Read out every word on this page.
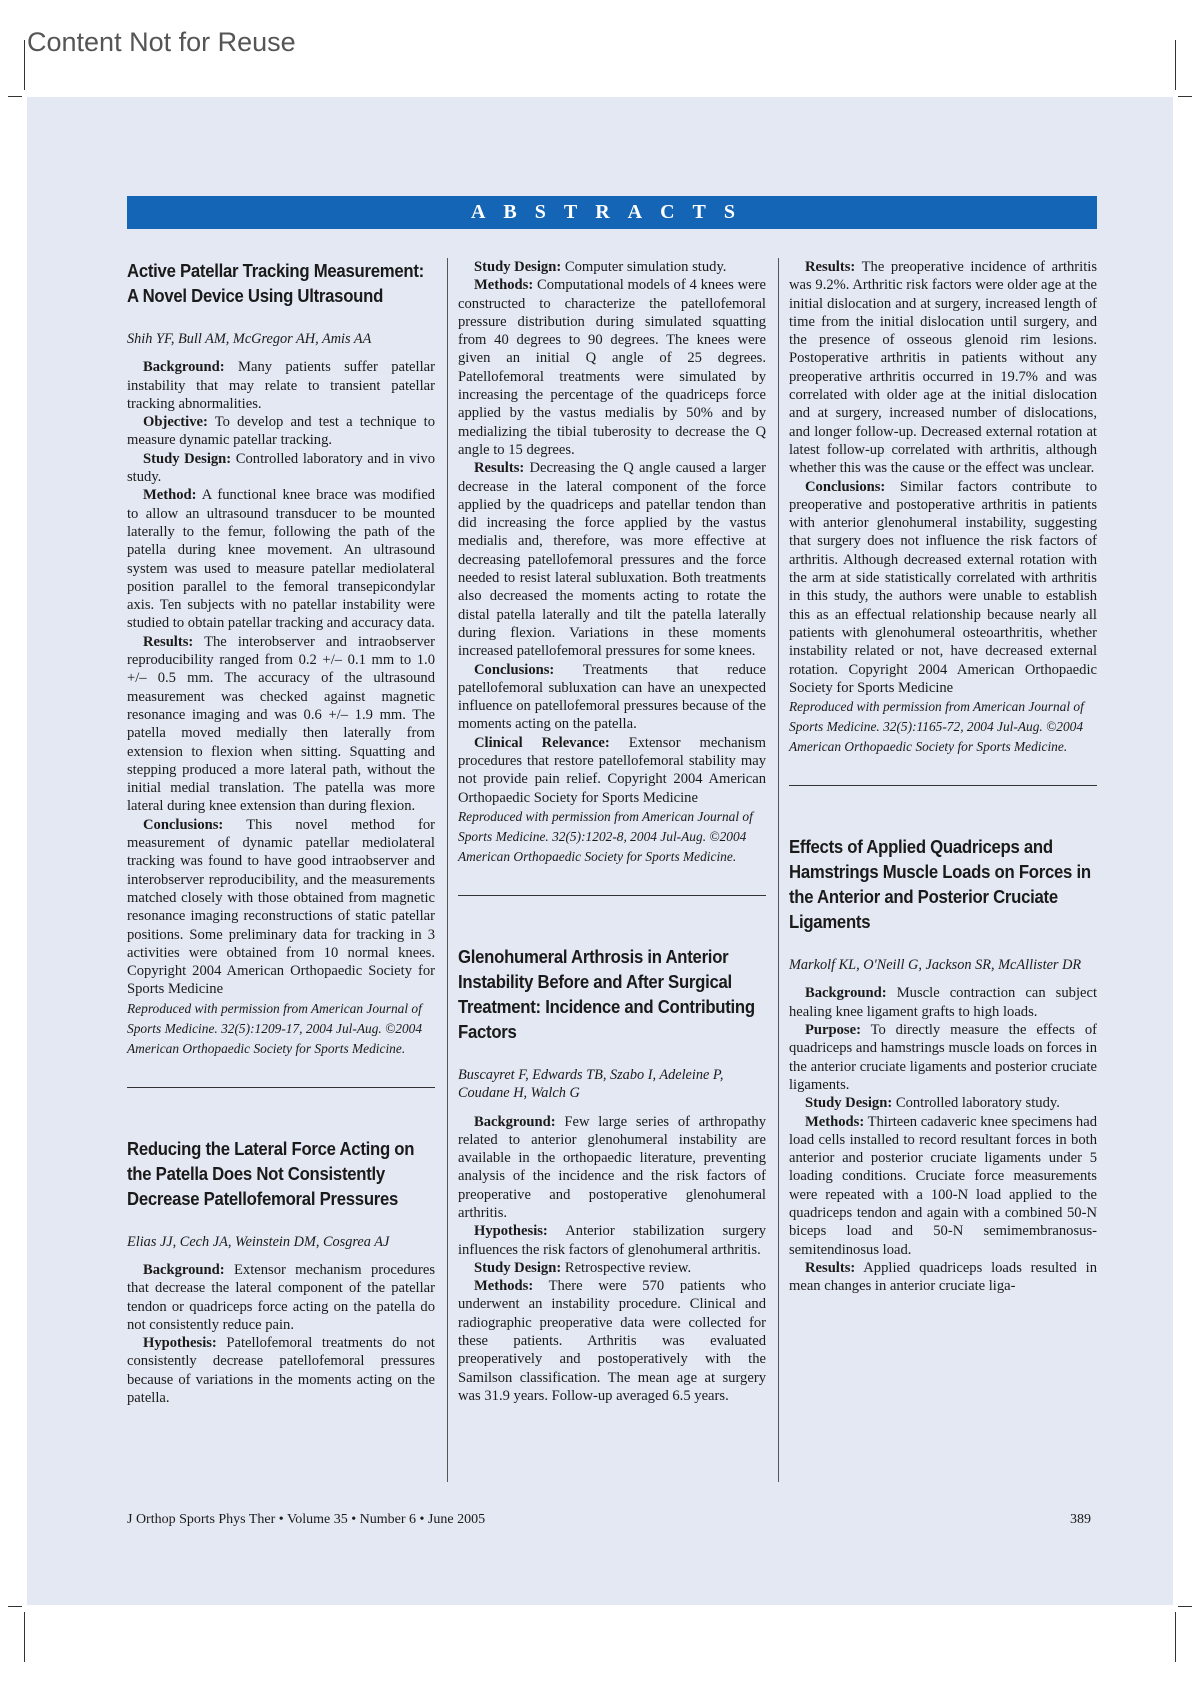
Content Not for Reuse
ABSTRACTS
Active Patellar Tracking Measurement:
A Novel Device Using Ultrasound
Shih YF, Bull AM, McGregor AH, Amis AA

Background: Many patients suffer patellar instability that may relate to transient patellar tracking abnormalities.

Objective: To develop and test a technique to measure dynamic patellar tracking.

Study Design: Controlled laboratory and in vivo study.

Method: A functional knee brace was modified to allow an ultrasound transducer to be mounted laterally to the femur, following the path of the patella during knee movement. An ultrasound system was used to measure patellar mediolateral position parallel to the femoral transepicondylar axis. Ten subjects with no patellar instability were studied to obtain patellar tracking and accuracy data.

Results: The interobserver and intraobserver reproducibility ranged from 0.2 +/– 0.1 mm to 1.0 +/– 0.5 mm. The accuracy of the ultrasound measurement was checked against magnetic resonance imaging and was 0.6 +/– 1.9 mm. The patella moved medially then laterally from extension to flexion when sitting. Squatting and stepping produced a more lateral path, without the initial medial translation. The patella was more lateral during knee extension than during flexion.

Conclusions: This novel method for measurement of dynamic patellar mediolateral tracking was found to have good intraobserver and interobserver reproducibility, and the measurements matched closely with those obtained from magnetic resonance imaging reconstructions of static patellar positions. Some preliminary data for tracking in 3 activities were obtained from 10 normal knees. Copyright 2004 American Orthopaedic Society for Sports Medicine

Reproduced with permission from American Journal of Sports Medicine. 32(5):1209-17, 2004 Jul-Aug. ©2004 American Orthopaedic Society for Sports Medicine.

Reducing the Lateral Force Acting on
the Patella Does Not Consistently
Decrease Patellofemoral Pressures
Elias JJ, Cech JA, Weinstein DM, Cosgrea AJ

Background: Extensor mechanism procedures that decrease the lateral component of the patellar tendon or quadriceps force acting on the patella do not consistently reduce pain.

Hypothesis: Patellofemoral treatments do not consistently decrease patellofemoral pressures because of variations in the moments acting on the patella.

Study Design: Computer simulation study.

Methods: Computational models of 4 knees were constructed to characterize the patellofemoral pressure distribution during simulated squatting from 40 degrees to 90 degrees. The knees were given an initial Q angle of 25 degrees. Patellofemoral treatments were simulated by increasing the percentage of the quadriceps force applied by the vastus medialis by 50% and by medializing the tibial tuberosity to decrease the Q angle to 15 degrees.

Results: Decreasing the Q angle caused a larger decrease in the lateral component of the force applied by the quadriceps and patellar tendon than did increasing the force applied by the vastus medialis and, therefore, was more effective at decreasing patellofemoral pressures and the force needed to resist lateral subluxation. Both treatments also decreased the moments acting to rotate the distal patella laterally and tilt the patella laterally during flexion. Variations in these moments increased patellofemoral pressures for some knees.

Conclusions: Treatments that reduce patellofemoral subluxation can have an unexpected influence on patellofemoral pressures because of the moments acting on the patella.

Clinical Relevance: Extensor mechanism procedures that restore patellofemoral stability may not provide pain relief. Copyright 2004 American Orthopaedic Society for Sports Medicine

Reproduced with permission from American Journal of Sports Medicine. 32(5):1202-8, 2004 Jul-Aug. ©2004 American Orthopaedic Society for Sports Medicine.

Glenohumeral Arthrosis in Anterior
Instability Before and After Surgical
Treatment: Incidence and Contributing
Factors
Buscayret F, Edwards TB, Szabo I, Adeleine P,
Coudane H, Walch G

Background: Few large series of arthropathy related to anterior glenohumeral instability are available in the orthopaedic literature, preventing analysis of the incidence and the risk factors of preoperative and postoperative glenohumeral arthritis.

Hypothesis: Anterior stabilization surgery influences the risk factors of glenohumeral arthritis.

Study Design: Retrospective review.

Methods: There were 570 patients who underwent an instability procedure. Clinical and radiographic preoperative data were collected for these patients. Arthritis was evaluated preoperatively and postoperatively with the Samilson classification. The mean age at surgery was 31.9 years. Follow-up averaged 6.5 years.

Results: The preoperative incidence of arthritis was 9.2%. Arthritic risk factors were older age at the initial dislocation and at surgery, increased length of time from the initial dislocation until surgery, and the presence of osseous glenoid rim lesions. Postoperative arthritis in patients without any preoperative arthritis occurred in 19.7% and was correlated with older age at the initial dislocation and at surgery, increased number of dislocations, and longer follow-up. Decreased external rotation at latest follow-up correlated with arthritis, although whether this was the cause or the effect was unclear.

Conclusions: Similar factors contribute to preoperative and postoperative arthritis in patients with anterior glenohumeral instability, suggesting that surgery does not influence the risk factors of arthritis. Although decreased external rotation with the arm at side statistically correlated with arthritis in this study, the authors were unable to establish this as an effectual relationship because nearly all patients with glenohumeral osteoarthritis, whether instability related or not, have decreased external rotation. Copyright 2004 American Orthopaedic Society for Sports Medicine

Reproduced with permission from American Journal of Sports Medicine. 32(5):1165-72, 2004 Jul-Aug. ©2004 American Orthopaedic Society for Sports Medicine.

Effects of Applied Quadriceps and
Hamstrings Muscle Loads on Forces in
the Anterior and Posterior Cruciate
Ligaments
Markolf KL, O'Neill G, Jackson SR, McAllister DR

Background: Muscle contraction can subject healing knee ligament grafts to high loads.

Purpose: To directly measure the effects of quadriceps and hamstrings muscle loads on forces in the anterior cruciate ligaments and posterior cruciate ligaments.

Study Design: Controlled laboratory study.

Methods: Thirteen cadaveric knee specimens had load cells installed to record resultant forces in both anterior and posterior cruciate ligaments under 5 loading conditions. Cruciate force measurements were repeated with a 100-N load applied to the quadriceps tendon and again with a combined 50-N biceps load and 50-N semimembranosus-semitendinosus load.

Results: Applied quadriceps loads resulted in mean changes in anterior cruciate liga-

J Orthop Sports Phys Ther • Volume 35 • Number 6 • June 2005	389
